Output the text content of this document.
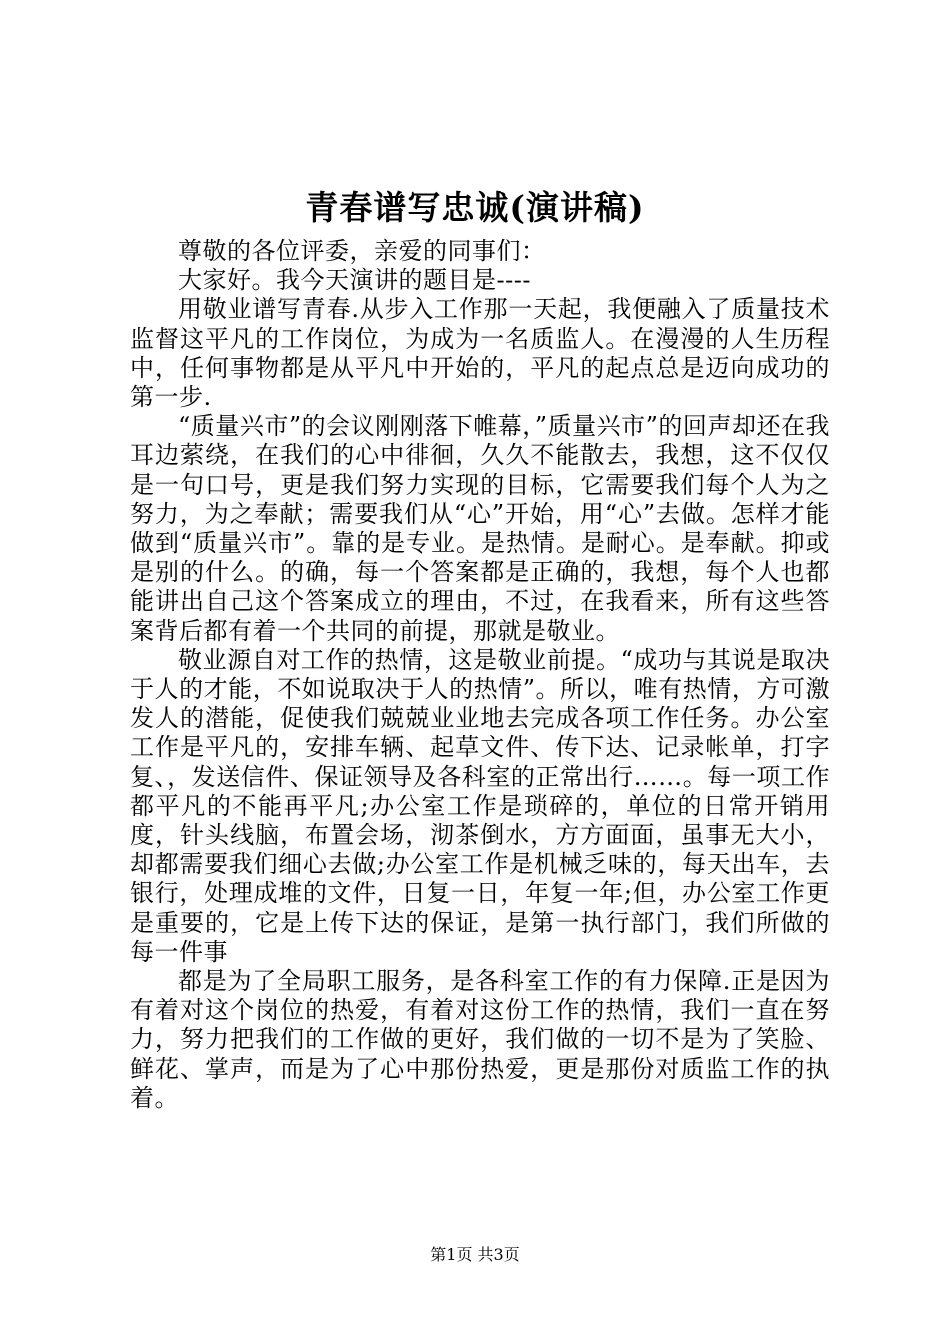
青春谱写忠诚(演讲稿)

尊敬的各位评委，亲爱的同事们：

大家好。我今天演讲的题目是----

用敬业谱写青春.从步入工作那一天起，我便融入了质量技术监督这平凡的工作岗位，为成为一名质监人。在漫漫的人生历程中，任何事物都是从平凡中开始的，平凡的起点总是迈向成功的第一步.

“质量兴市”的会议刚刚落下帷幕，”质量兴市”的回声却还在我耳边萦绕，在我们的心中徘徊，久久不能散去，我想，这不仅仅是一句口号，更是我们努力实现的目标，它需要我们每个人为之努力，为之奉献；需要我们从“心”开始，用“心”去做。怎样才能做到“质量兴市”。靠的是专业。是热情。是耐心。是奉献。抑或是别的什么。的确，每一个答案都是正确的，我想，每个人也都能讲出自己这个答案成立的理由，不过，在我看来，所有这些答案背后都有着一个共同的前提，那就是敬业。

敬业源自对工作的热情，这是敬业前提。“成功与其说是取决于人的才能，不如说取决于人的热情”。所以，唯有热情，方可激发人的潜能，促使我们兢兢业业地去完成各项工作任务。办公室工作是平凡的，安排车辆、起草文件、传下达、记录帐单，打字复、，发送信件、保证领导及各科室的正常出行……。每一项工作都平凡的不能再平凡;办公室工作是琐碎的，单位的日常开销用度，针头线脑，布置会场，沏茶倒水，方方面面，虽事无大小，却都需要我们细心去做;办公室工作是机械乏味的，每天出车，去银行，处理成堆的文件，日复一日，年复一年;但，办公室工作更是重要的，它是上传下达的保证，是第一执行部门，我们所做的每一件事

都是为了全局职工服务，是各科室工作的有力保障.正是因为有着对这个岗位的热爱，有着对这份工作的热情，我们一直在努力，努力把我们的工作做的更好，我们做的一切不是为了笑脸、鲜花、掌声，而是为了心中那份热爱，更是那份对质监工作的执着。

第1页 共3页
